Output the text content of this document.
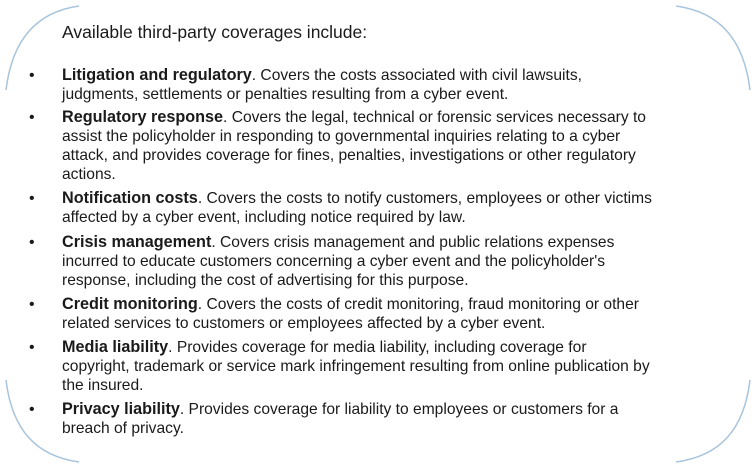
Available third-party coverages include:
• Litigation and regulatory. Covers the costs associated with civil lawsuits,
judgments, settlements or penalties resulting from a cyber event.
• Regulatory response. Covers the legal, technical or forensic services necessary to
assist the policyholder in responding to governmental inquiries relating to a cyber
attack, and provides coverage for fines, penalties, investigations or other regulatory
actions.
• Notification costs. Covers the costs to notify customers, employees or other victims
affected by a cyber event, including notice required by law.
• Crisis management. Covers crisis management and public relations expenses
incurred to educate customers concerning a cyber event and the policyholder's
response, including the cost of advertising for this purpose.
• Credit monitoring. Covers the costs of credit monitoring, fraud monitoring or other
related services to customers or employees affected by a cyber event.
• Media liability. Provides coverage for media liability, including coverage for
copyright, trademark or service mark infringement resulting from online publication by
the insured.
• Privacy liability. Provides coverage for liability to employees or customers for a
breach of privacy.
